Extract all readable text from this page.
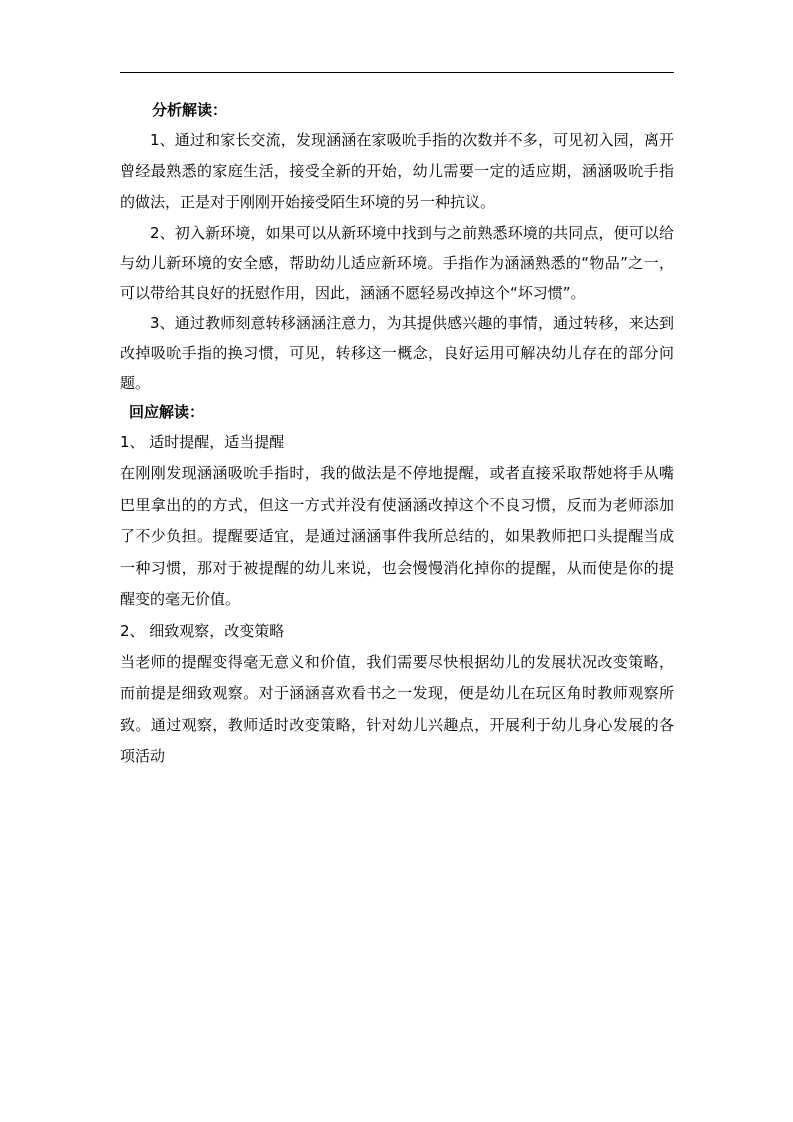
分析解读：
1、通过和家长交流，发现涵涵在家吸吮手指的次数并不多，可见初入园，离开曾经最熟悉的家庭生活，接受全新的开始，幼儿需要一定的适应期，涵涵吸吮手指的做法，正是对于刚刚开始接受陌生环境的另一种抗议。
2、初入新环境，如果可以从新环境中找到与之前熟悉环境的共同点，便可以给与幼儿新环境的安全感，帮助幼儿适应新环境。手指作为涵涵熟悉的“物品”之一，可以带给其良好的抚慰作用，因此，涵涵不愿轻易改掉这个“坏习惯”。
3、通过教师刻意转移涵涵注意力，为其提供感兴趣的事情，通过转移，来达到改掉吸吮手指的换习惯，可见，转移这一概念，良好运用可解决幼儿存在的部分问题。
回应解读：
1、 适时提醒，适当提醒
在刚刚发现涵涵吸吮手指时，我的做法是不停地提醒，或者直接采取帮她将手从嘴巴里拿出的的方式，但这一方式并没有使涵涵改掉这个不良习惯，反而为老师添加了不少负担。提醒要适宜，是通过涵涵事件我所总结的，如果教师把口头提醒当成一种习惯，那对于被提醒的幼儿来说，也会慢慢消化掉你的提醒，从而使是你的提醒变的毫无价值。
2、 细致观察，改变策略
当老师的提醒变得毫无意义和价值，我们需要尽快根据幼儿的发展状况改变策略，而前提是细致观察。对于涵涵喜欢看书之一发现，便是幼儿在玩区角时教师观察所致。通过观察，教师适时改变策略，针对幼儿兴趣点，开展利于幼儿身心发展的各项活动
